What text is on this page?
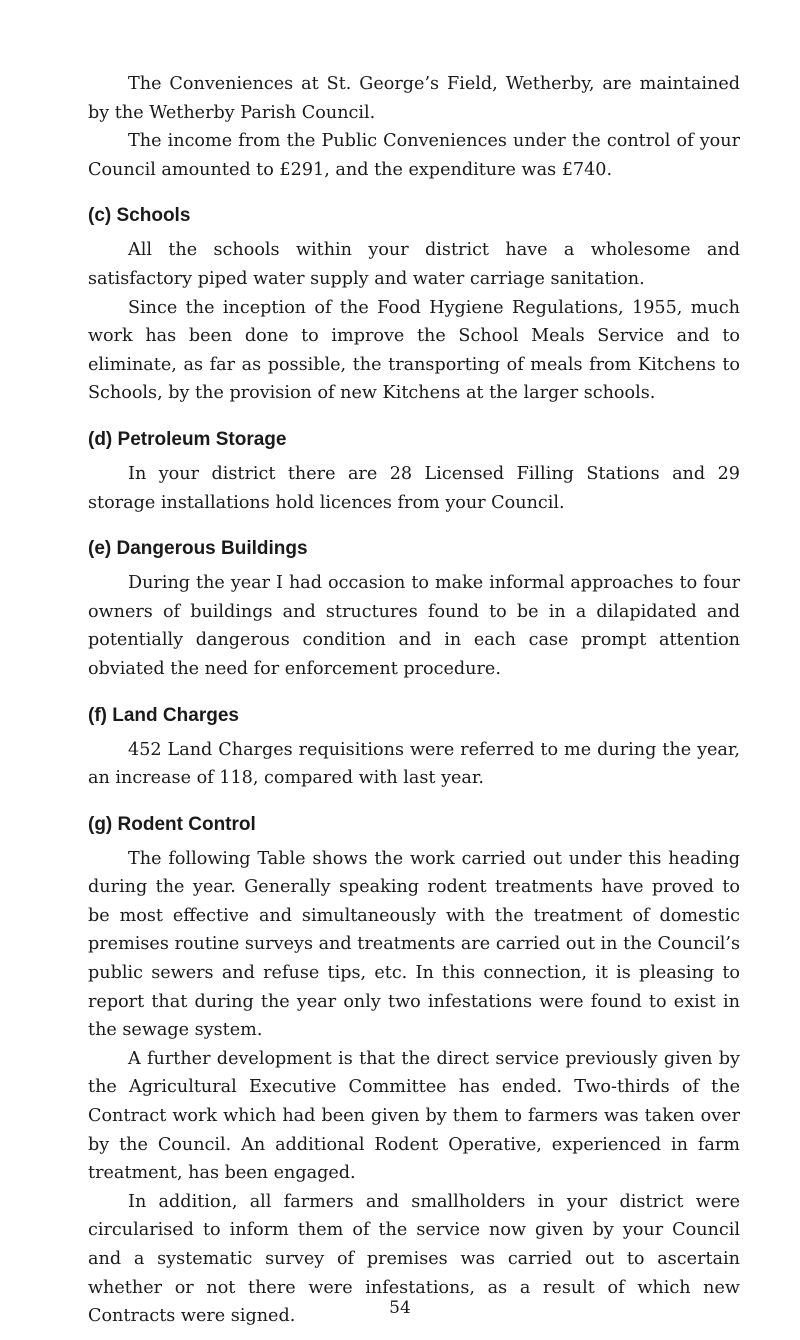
The Conveniences at St. George’s Field, Wetherby, are maintained by the Wetherby Parish Council.

The income from the Public Conveniences under the control of your Council amounted to £291, and the expenditure was £740.

(c) Schools

All the schools within your district have a wholesome and satisfactory piped water supply and water carriage sanitation.

Since the inception of the Food Hygiene Regulations, 1955, much work has been done to improve the School Meals Service and to eliminate, as far as possible, the transporting of meals from Kitchens to Schools, by the provision of new Kitchens at the larger schools.

(d) Petroleum Storage

In your district there are 28 Licensed Filling Stations and 29 storage installations hold licences from your Council.

(e) Dangerous Buildings

During the year I had occasion to make informal approaches to four owners of buildings and structures found to be in a dilapidated and potentially dangerous condition and in each case prompt attention obviated the need for enforcement procedure.

(f) Land Charges

452 Land Charges requisitions were referred to me during the year, an increase of 118, compared with last year.

(g) Rodent Control

The following Table shows the work carried out under this heading during the year. Generally speaking rodent treatments have proved to be most effective and simultaneously with the treatment of domestic premises routine surveys and treatments are carried out in the Council’s public sewers and refuse tips, etc. In this connection, it is pleasing to report that during the year only two infestations were found to exist in the sewage system.

A further development is that the direct service previously given by the Agricultural Executive Committee has ended. Two-thirds of the Contract work which had been given by them to farmers was taken over by the Council. An additional Rodent Operative, experienced in farm treatment, has been engaged.

In addition, all farmers and smallholders in your district were circularised to inform them of the service now given by your Council and a systematic survey of premises was carried out to ascertain whether or not there were infestations, as a result of which new Contracts were signed.	54
